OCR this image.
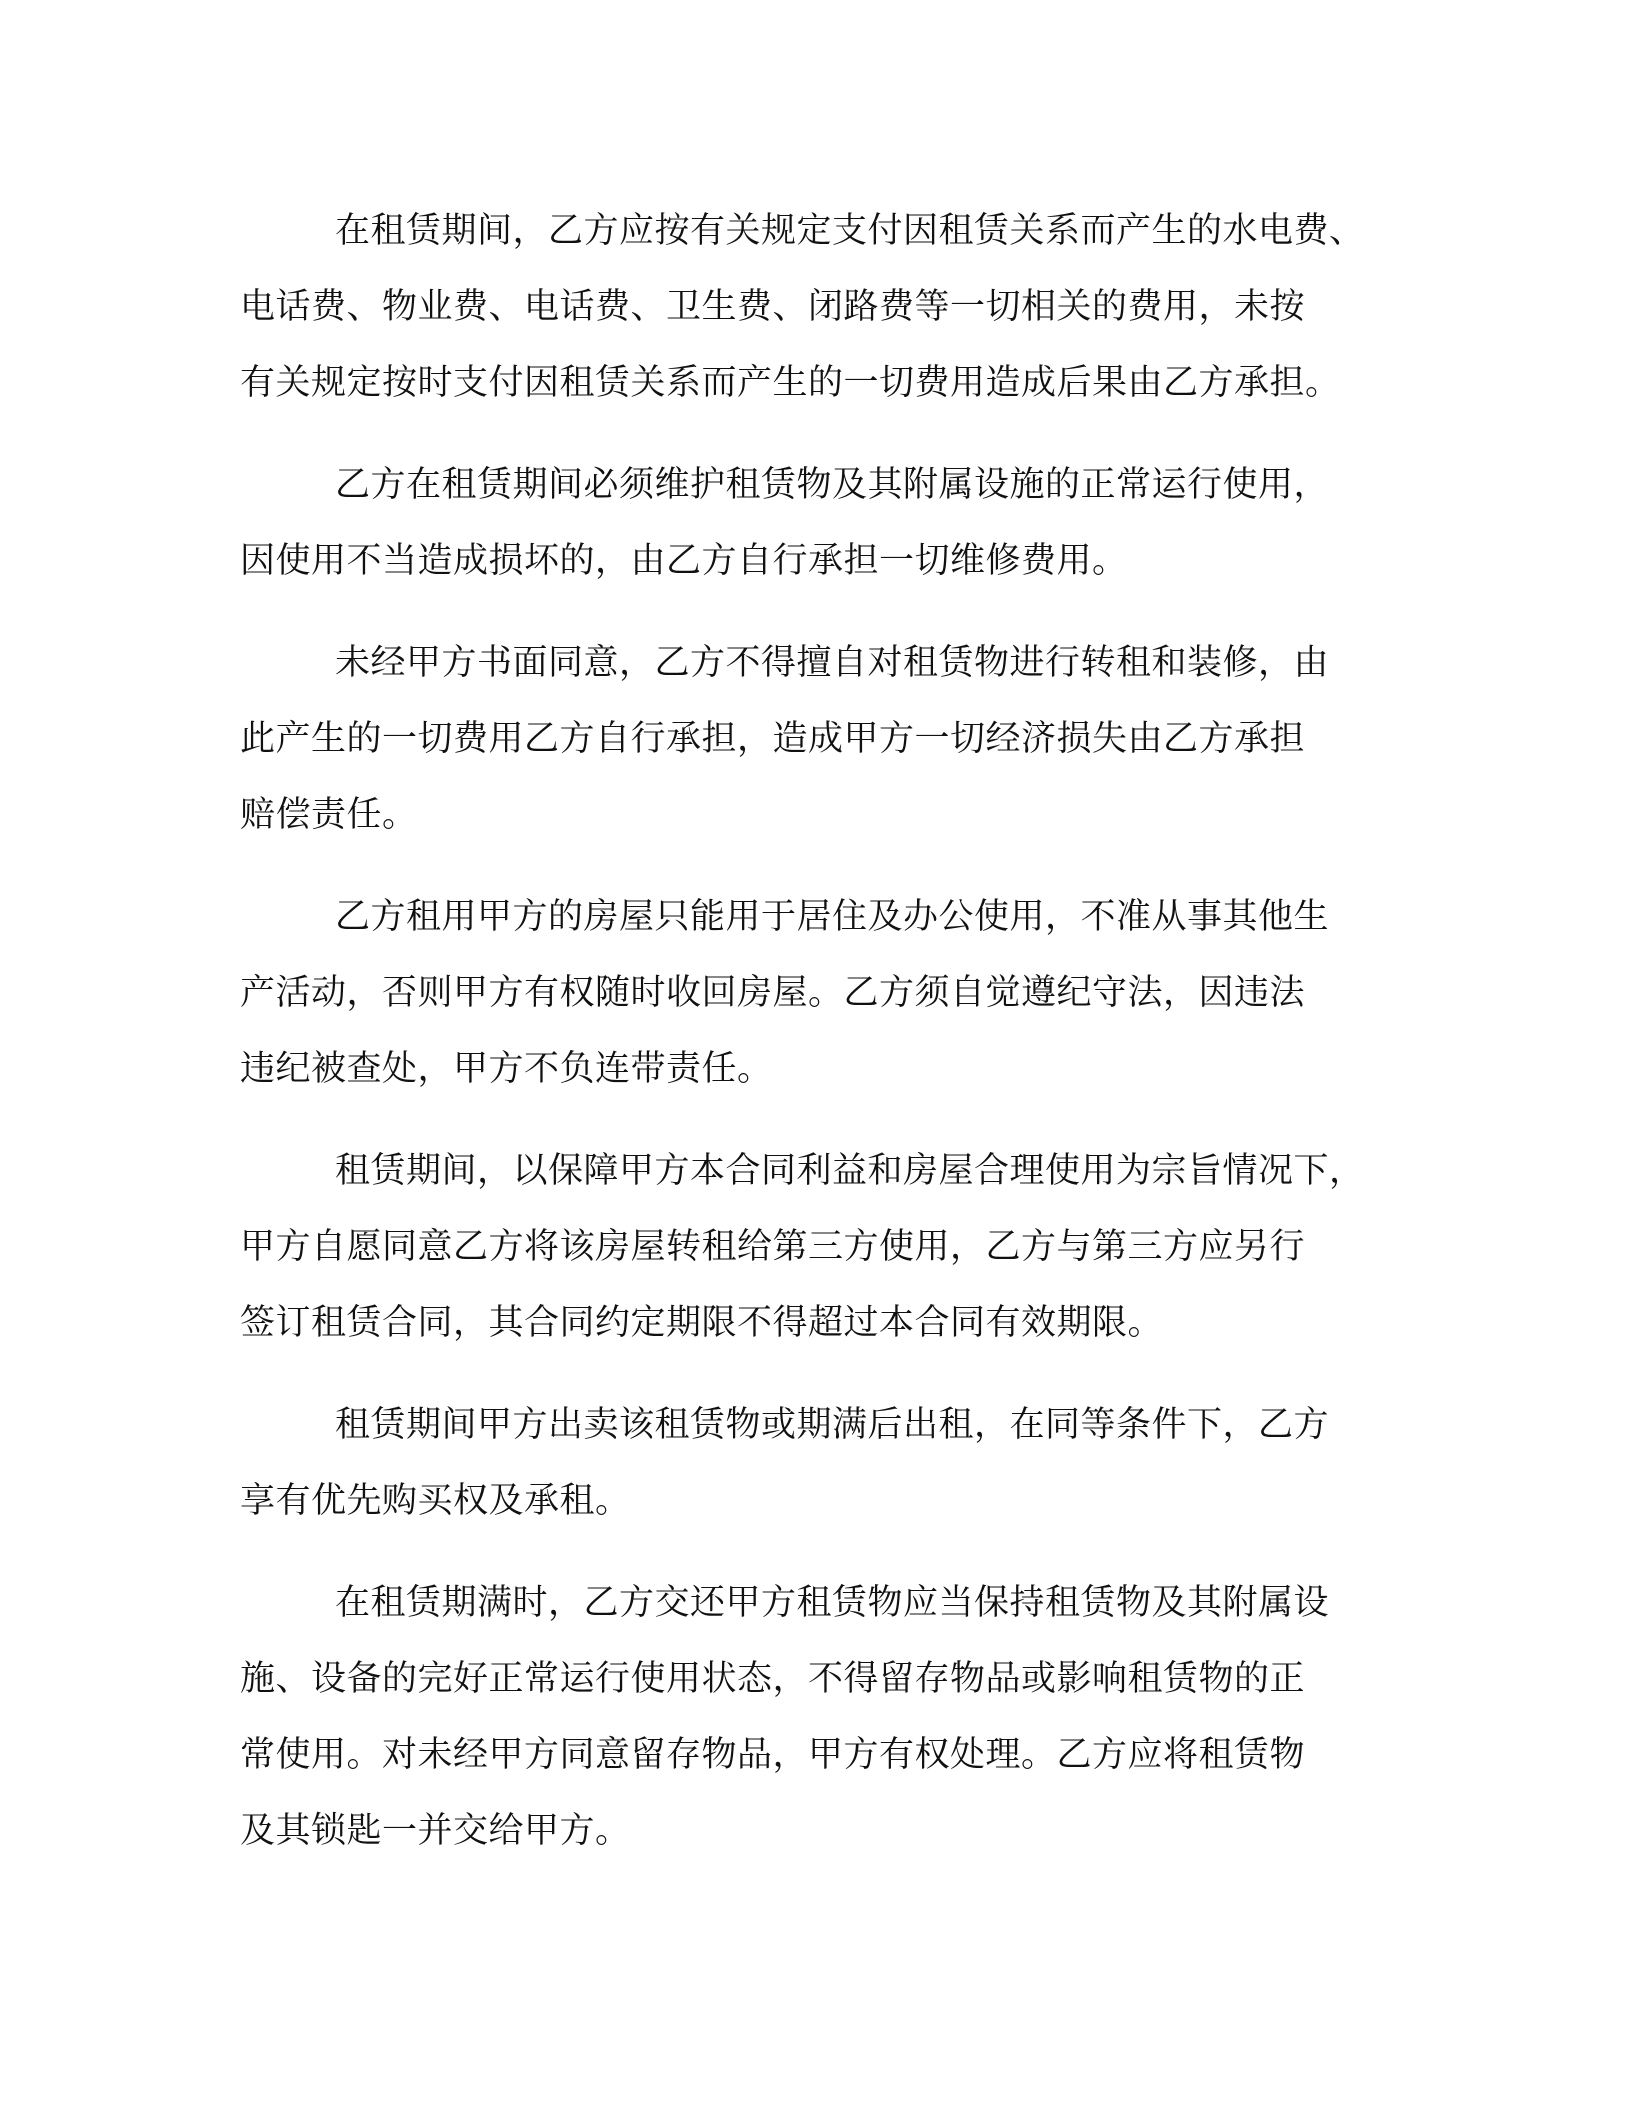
在租赁期间，乙方应按有关规定支付因租赁关系而产生的水电费、
电话费、物业费、电话费、卫生费、闭路费等一切相关的费用，未按
有关规定按时支付因租赁关系而产生的一切费用造成后果由乙方承担。
乙方在租赁期间必须维护租赁物及其附属设施的正常运行使用，
因使用不当造成损坏的，由乙方自行承担一切维修费用。
未经甲方书面同意，乙方不得擅自对租赁物进行转租和装修，由
此产生的一切费用乙方自行承担，造成甲方一切经济损失由乙方承担
赔偿责任。
乙方租用甲方的房屋只能用于居住及办公使用，不准从事其他生
产活动，否则甲方有权随时收回房屋。乙方须自觉遵纪守法，因违法
违纪被查处，甲方不负连带责任。
租赁期间，以保障甲方本合同利益和房屋合理使用为宗旨情况下，
甲方自愿同意乙方将该房屋转租给第三方使用，乙方与第三方应另行
签订租赁合同，其合同约定期限不得超过本合同有效期限。
租赁期间甲方出卖该租赁物或期满后出租，在同等条件下，乙方
享有优先购买权及承租。
在租赁期满时，乙方交还甲方租赁物应当保持租赁物及其附属设
施、设备的完好正常运行使用状态，不得留存物品或影响租赁物的正
常使用。对未经甲方同意留存物品，甲方有权处理。乙方应将租赁物
及其锁匙一并交给甲方。
